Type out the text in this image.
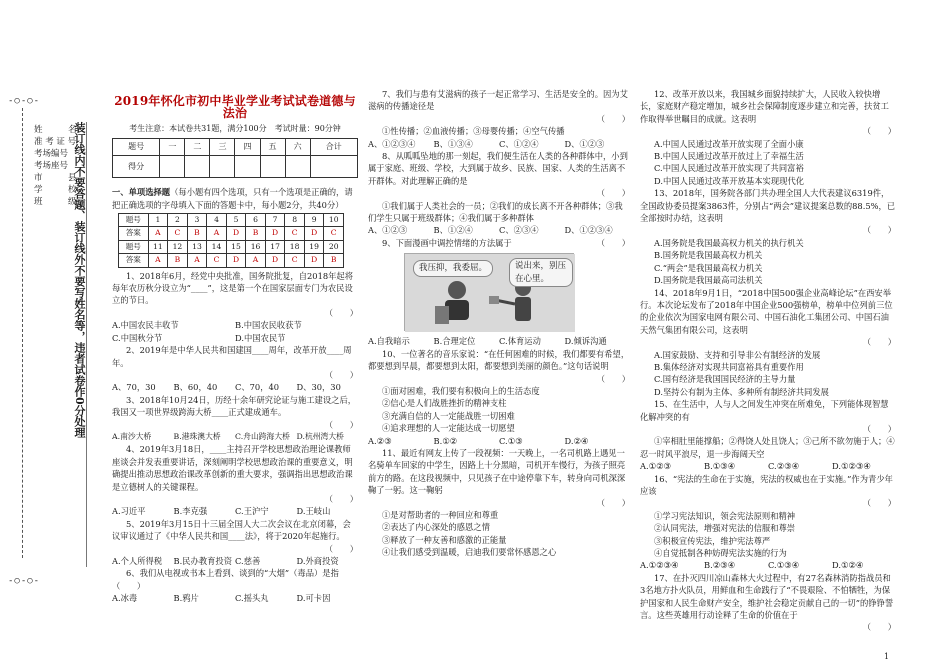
-○-○-
姓　　　名
准 考 证 号
考场编号
考场座号
市　　　县
学　　　校
班　　　级
装订线内不要答题、装订线外不要写姓名等，违者试卷作0分处理
-○-○-
2019年怀化市初中毕业学业考试试卷道德与法治
考生注意：本试卷共31题，满分100分　考试时量：90分钟
题号	一	二	三	四	五	六	合计
得分							

一、单项选择题（每小题有四个选项，只有一个选项是正确的，请把正确选项的字母填入下面的答题卡中，每小题2分，共40分）

题号	1	2	3	4	5	6	7	8	9	10
答案	A	C	B	A	D	B	D	C	D	C
题号	11	12	13	14	15	16	17	18	19	20
答案	A	B	A	C	D	A	D	C	D	B

1、2018年6月，经党中央批准，国务院批复，自2018年起将每年农历秋分设立为“____”，这是第一个在国家层面专门为农民设立的节日。

（　　）

A.中国农民丰收节	B.中国农民收获节
C.中国秋分节	D.中国农民节

2、2019年是中华人民共和国建国____周年，改革开放____周年。

（　　）

A、70，30	B、60，40	C、70，40	D、30，30

3、2018年10月24日，历经十余年研究论证与施工建设之后，我国又一项世界级跨海大桥____正式建成通车。

（　　）

A.南沙大桥	B.港珠澳大桥	C.舟山跨海大桥 D.杭州湾大桥

4、2019年3月18日，____主持召开学校思想政治理论课教师座谈会并发表重要讲话，深刻阐明学校思想政治课的重要意义，明确提出推动思想政治课改革创新的重大要求，强调指出思想政治课是立德树人的关键课程。

（　　）

A.习近平	B.李克强	C.王沪宁	D.王岐山

5、2019年3月15日十三届全国人大二次会议在北京闭幕，会议审议通过了《中华人民共和国____法》，将于2020年起施行。

（　　）

A.个人所得税	B.民办教育投资 C.慈善	D.外商投资

6、我们从电视或书本上看到、谈到的“大烟”（毒品）是指（　　）

A.冰毒	B.鸦片	C.摇头丸	D.可卡因

7、我们与患有艾滋病的孩子一起正常学习、生活是安全的。因为艾滋病的传播途径是

（　　）

①性传播；②血液传播；③母婴传播；④空气传播

A、①②③④	B、①③④	C、①②④	D、①②③

8、从呱呱坠地的那一刻起，我们便生活在人类的各种群体中，小到属于家庭、班级、学校，大到属于故乡、民族、国家、人类的生活离不开群体。对此理解正确的是

（　　）

①我们属于人类社会的一员；②我们的成长离不开各种群体；③我们学生只属于班级群体；④我们属于多种群体

A、①②③	B、①②④	C、②③④	D、①②③④
9、下面漫画中调控情绪的方法属于	（　　）
我压抑，我委屈。	说出来，别压在心里。
A.自我暗示	B.合理定位	C.体育运动	D.倾诉沟通

10、一位著名的音乐家说：“在任何困难的时候，我们都要有希望，都要想到早晨，都要想到太阳，都要想到美丽的颜色。”这句话说明

（　　）

①面对困难，我们要有积极向上的生活态度

②信心是人们战胜挫折的精神支柱

③充满自信的人一定能战胜一切困难

④追求理想的人一定能达成一切愿望

A.②③	B.①②	C.①③	D.②④

11、最近有网友上传了一段视频：一天晚上，一名司机路上遇见一名骑单车回家的中学生，因路上十分黑暗，司机开车慢行，为孩子照亮前方的路。在这段视频中，只见孩子在中途停靠下车，转身向司机深深鞠了一躬。这一鞠躬

（　　）

①是对帮助者的一种回应和尊重

②表达了内心深处的感恩之情

③释放了一种友善和感激的正能量

④让我们感受到温暖，启迪我们要常怀感恩之心

12、改革开放以来，我国城乡面貌持续扩大，人民收入较快增长，家庭财产稳定增加，城乡社会保障制度逐步建立和完善，扶贫工作取得举世瞩目的成就。这表明

（　　）

A.中国人民通过改革开放实现了全面小康

B.中国人民通过改革开放过上了幸福生活

C.中国人民通过改革开放实现了共同富裕

D.中国人民通过改革开放基本实现现代化

13、2018年，国务院各部门共办理全国人大代表建议6319件，全国政协委员提案3863件，分别占“两会”建议提案总数的88.5%，已全部按时办结，这表明

（　　）

A.国务院是我国最高权力机关的执行机关

B.国务院是我国最高权力机关

C.“两会”是我国最高权力机关

D.国务院是我国最高司法机关

14、2018年9月1日，“2018中国500强企业高峰论坛”在西安举行。本次论坛发布了2018年中国企业500强榜单，榜单中位列前三位的企业依次为国家电网有限公司、中国石油化工集团公司、中国石油天然气集团有限公司，这表明

（　　）

A.国家鼓励、支持和引导非公有制经济的发展

B.集体经济对实现共同富裕具有重要作用

C.国有经济是我国国民经济的主导力量

D.坚持公有制为主体、多种所有制经济共同发展

15、在生活中，人与人之间发生冲突在所难免，下列能体现智慧化解冲突的有

（　　）

①宰相肚里能撑船；②得饶人处且饶人；③己所不欲勿施于人；④忍一时风平浪尽，退一步海阔天空

A.①②③	B.①③④	C.②③④	D.①②③④

16、“宪法的生命在于实施，宪法的权威也在于实施。”作为青少年应该

（　　）

①学习宪法知识，领会宪法原则和精神

②认同宪法，增强对宪法的信服和尊崇

③积极宣传宪法，维护宪法尊严

④自觉抵制各种妨碍宪法实施的行为

A.①②③④	B.②③④	C.①③④	D.①②④

17、在扑灭四川凉山森林大火过程中，有27名森林消防指战员和3名地方扑火队员，用鲜血和生命践行了“不畏艰险、不怕牺牲，为保护国家和人民生命财产安全，维护社会稳定贡献自己的一切”的铮铮誓言。这些英雄用行动诠释了生命的价值在于

（　　）

1
